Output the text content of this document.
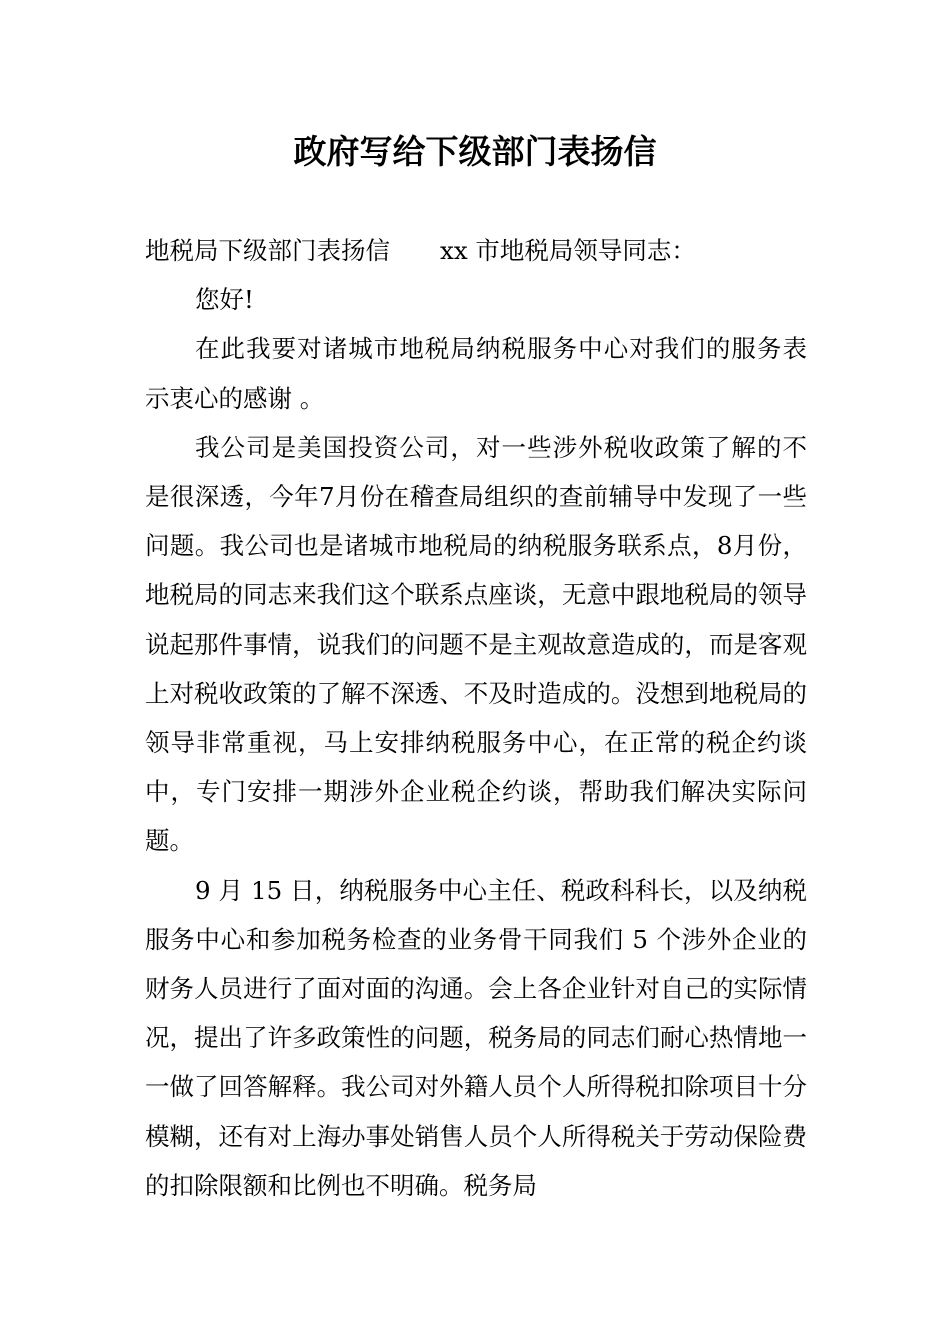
政府写给下级部门表扬信

地税局下级部门表扬信 xx 市地税局领导同志：

您好!

在此我要对诸城市地税局纳税服务中心对我们的服务表示衷心的感谢 。

我公司是美国投资公司，对一些涉外税收政策了解的不是很深透，今年7月份在稽查局组织的查前辅导中发现了一些问题。我公司也是诸城市地税局的纳税服务联系点，8月份，地税局的同志来我们这个联系点座谈，无意中跟地税局的领导说起那件事情，说我们的问题不是主观故意造成的，而是客观上对税收政策的了解不深透、不及时造成的。没想到地税局的领导非常重视，马上安排纳税服务中心，在正常的税企约谈中，专门安排一期涉外企业税企约谈，帮助我们解决实际问题。

9 月 15 日，纳税服务中心主任、税政科科长，以及纳税服务中心和参加税务检查的业务骨干同我们 5 个涉外企业的财务人员进行了面对面的沟通。会上各企业针对自己的实际情况，提出了许多政策性的问题，税务局的同志们耐心热情地一一做了回答解释。我公司对外籍人员个人所得税扣除项目十分模糊，还有对上海办事处销售人员个人所得税关于劳动保险费的扣除限额和比例也不明确。税务局
